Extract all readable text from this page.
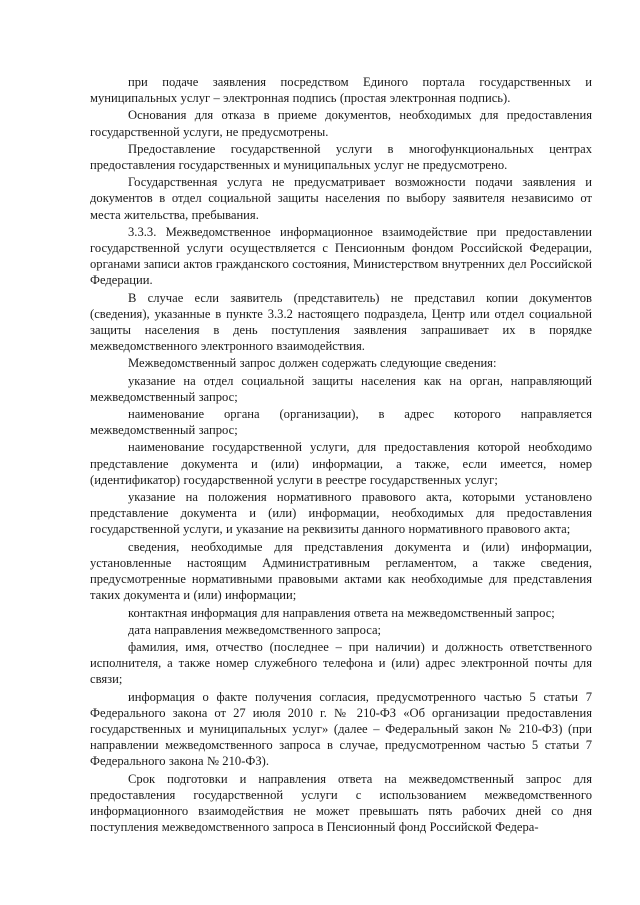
при подаче заявления посредством Единого портала государственных и муниципальных услуг – электронная подпись (простая электронная подпись).

Основания для отказа в приеме документов, необходимых для предоставления государственной услуги, не предусмотрены.

Предоставление государственной услуги в многофункциональных центрах предоставления государственных и муниципальных услуг не предусмотрено.

Государственная услуга не предусматривает возможности подачи заявления и документов в отдел социальной защиты населения по выбору заявителя независимо от места жительства, пребывания.

3.3.3. Межведомственное информационное взаимодействие при предоставлении государственной услуги осуществляется с Пенсионным фондом Российской Федерации, органами записи актов гражданского состояния, Министерством внутренних дел Российской Федерации.

В случае если заявитель (представитель) не представил копии документов (сведения), указанные в пункте 3.3.2 настоящего подраздела, Центр или отдел социальной защиты населения в день поступления заявления запрашивает их в порядке межведомственного электронного взаимодействия.

Межведомственный запрос должен содержать следующие сведения:

указание на отдел социальной защиты населения как на орган, направляющий межведомственный запрос;

наименование органа (организации), в адрес которого направляется межведомственный запрос;

наименование государственной услуги, для предоставления которой необходимо представление документа и (или) информации, а также, если имеется, номер (идентификатор) государственной услуги в реестре государственных услуг;

указание на положения нормативного правового акта, которыми установлено представление документа и (или) информации, необходимых для предоставления государственной услуги, и указание на реквизиты данного нормативного правового акта;

сведения, необходимые для представления документа и (или) информации, установленные настоящим Административным регламентом, а также сведения, предусмотренные нормативными правовыми актами как необходимые для представления таких документа и (или) информации;

контактная информация для направления ответа на межведомственный запрос;

дата направления межведомственного запроса;

фамилия, имя, отчество (последнее – при наличии) и должность ответственного исполнителя, а также номер служебного телефона и (или) адрес электронной почты для связи;

информация о факте получения согласия, предусмотренного частью 5 статьи 7 Федерального закона от 27 июля 2010 г. № 210-ФЗ «Об организации предоставления государственных и муниципальных услуг» (далее – Федеральный закон № 210-ФЗ) (при направлении межведомственного запроса в случае, предусмотренном частью 5 статьи 7 Федерального закона № 210-ФЗ).

Срок подготовки и направления ответа на межведомственный запрос для предоставления государственной услуги с использованием межведомственного информационного взаимодействия не может превышать пять рабочих дней со дня поступления межведомственного запроса в Пенсионный фонд Российской Федера-
